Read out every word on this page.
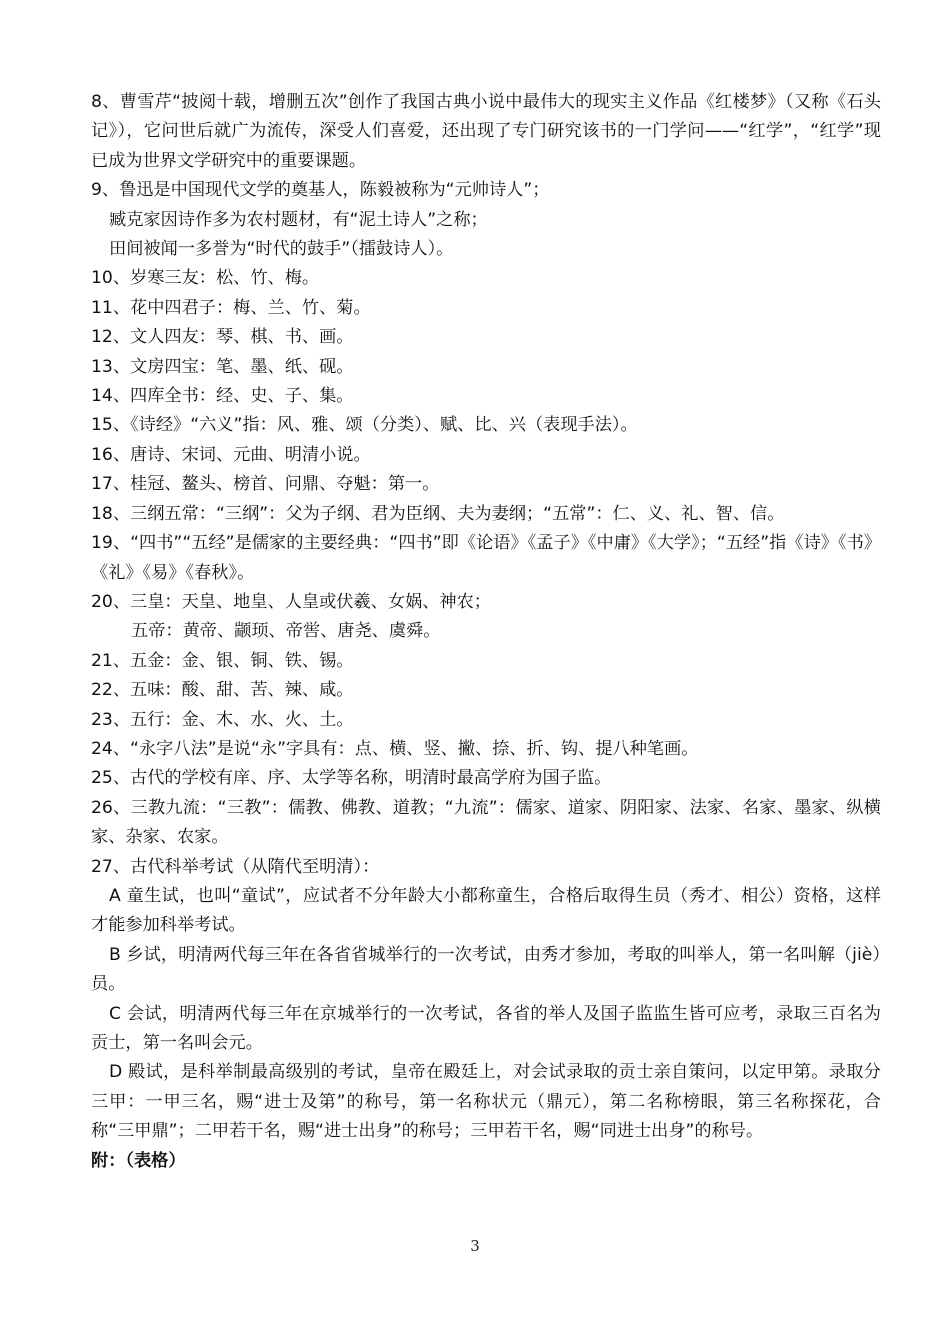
8、曹雪芹“披阅十载，增删五次”创作了我国古典小说中最伟大的现实主义作品《红楼梦》（又称《石头记》），它问世后就广为流传，深受人们喜爱，还出现了专门研究该书的一门学问——“红学”，“红学”现已成为世界文学研究中的重要课题。

9、鲁迅是中国现代文学的奠基人，陈毅被称为“元帅诗人”；

臧克家因诗作多为农村题材，有“泥土诗人”之称；

田间被闻一多誉为“时代的鼓手”（擂鼓诗人）。

10、岁寒三友：松、竹、梅。

11、花中四君子：梅、兰、竹、菊。

12、文人四友：琴、棋、书、画。

13、文房四宝：笔、墨、纸、砚。

14、四库全书：经、史、子、集。

15、《诗经》“六义”指：风、雅、颂（分类）、赋、比、兴（表现手法）。

16、唐诗、宋词、元曲、明清小说。

17、桂冠、鳌头、榜首、问鼎、夺魁：第一。

18、三纲五常：“三纲”：父为子纲、君为臣纲、夫为妻纲；“五常”：仁、义、礼、智、信。

19、“四书”“五经”是儒家的主要经典：“四书”即《论语》《孟子》《中庸》《大学》；“五经”指《诗》《书》《礼》《易》《春秋》。

20、三皇：天皇、地皇、人皇或伏羲、女娲、神农；

五帝：黄帝、颛顼、帝喾、唐尧、虞舜。

21、五金：金、银、铜、铁、锡。

22、五味：酸、甜、苦、辣、咸。

23、五行：金、木、水、火、土。

24、“永字八法”是说“永”字具有：点、横、竖、撇、捺、折、钩、提八种笔画。

25、古代的学校有庠、序、太学等名称，明清时最高学府为国子监。

26、三教九流：“三教”：儒教、佛教、道教；“九流”：儒家、道家、阴阳家、法家、名家、墨家、纵横家、杂家、农家。

27、古代科举考试（从隋代至明清）：

A 童生试，也叫“童试”，应试者不分年龄大小都称童生，合格后取得生员（秀才、相公）资格，这样才能参加科举考试。

B 乡试，明清两代每三年在各省省城举行的一次考试，由秀才参加，考取的叫举人，第一名叫解（jiè）员。

C 会试，明清两代每三年在京城举行的一次考试，各省的举人及国子监监生皆可应考，录取三百名为贡士，第一名叫会元。

D 殿试，是科举制最高级别的考试，皇帝在殿廷上，对会试录取的贡士亲自策问，以定甲第。录取分三甲：一甲三名，赐“进士及第”的称号，第一名称状元（鼎元），第二名称榜眼，第三名称探花，合称“三甲鼎”；二甲若干名，赐“进士出身”的称号；三甲若干名，赐“同进士出身”的称号。

附：（表格）

3
